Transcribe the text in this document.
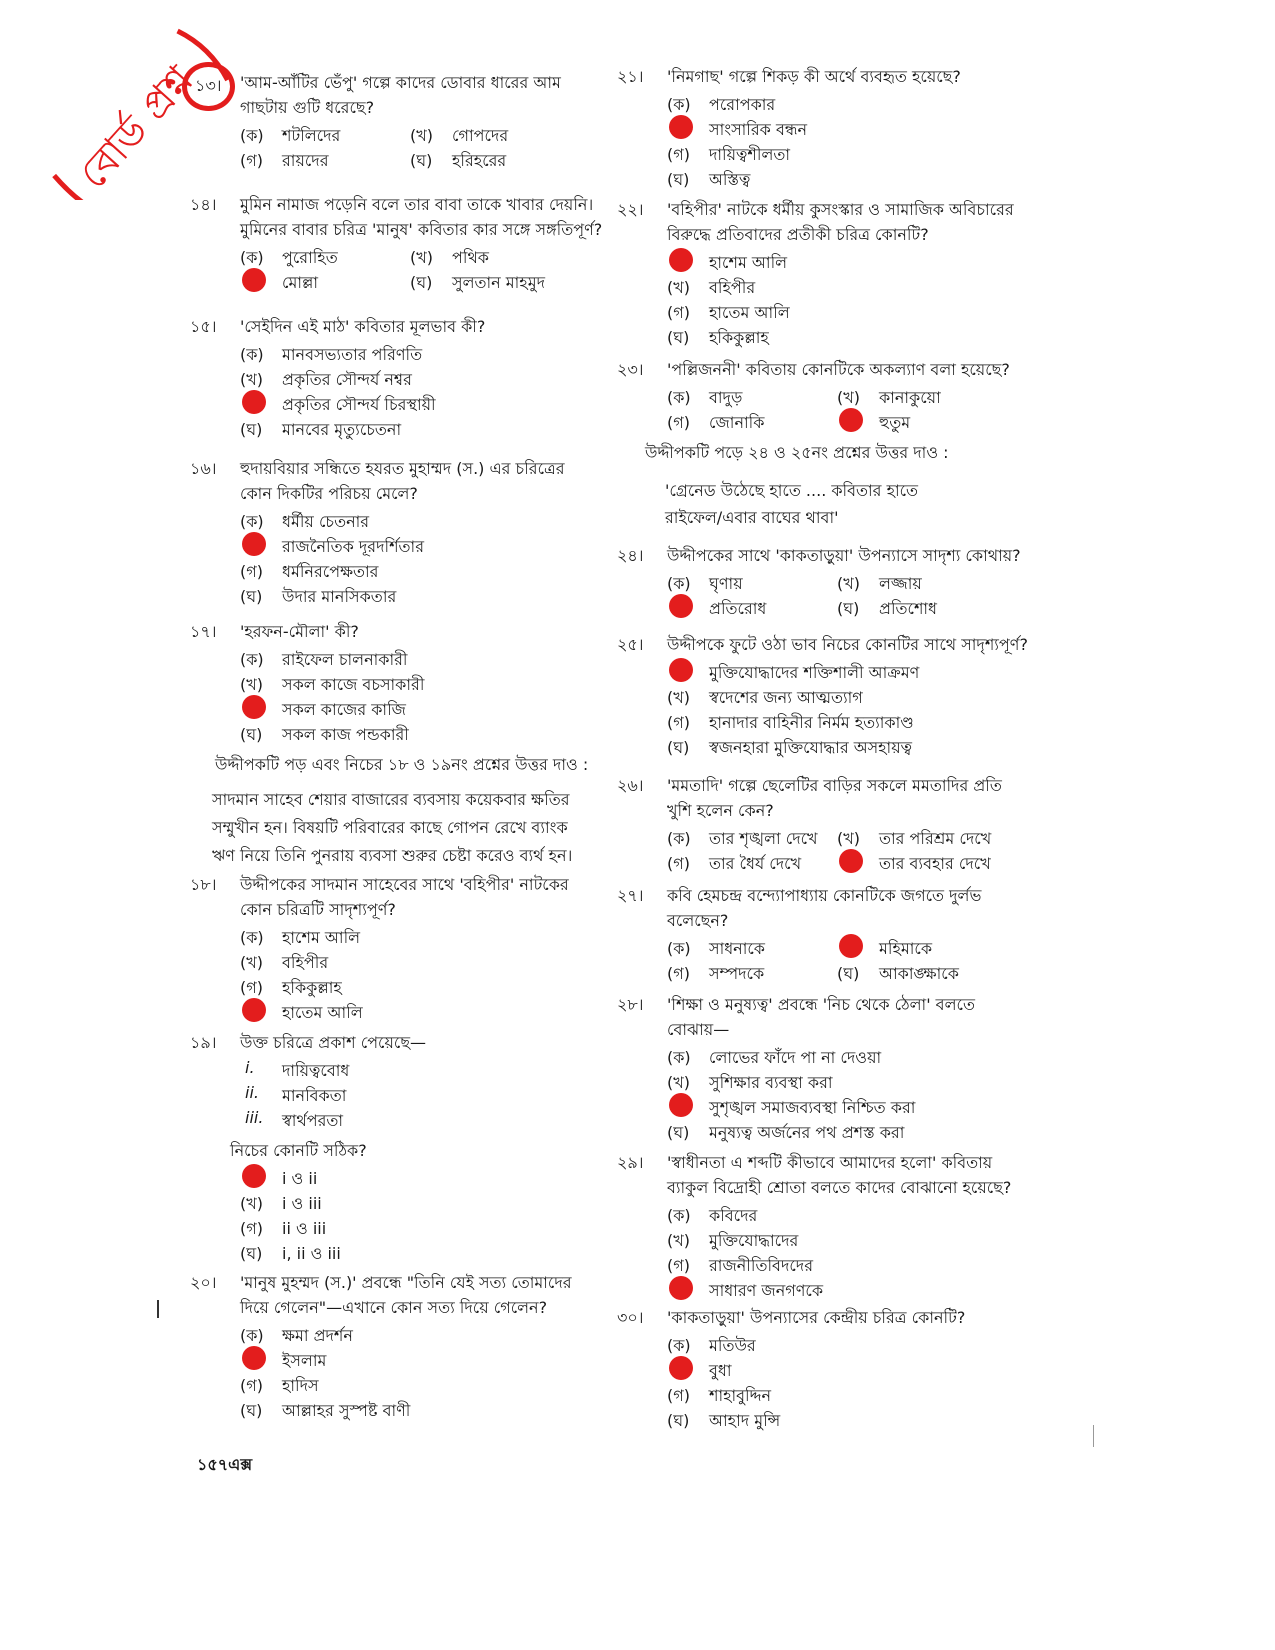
বোর্ড প্রশ্ন
১৩।	'আম-আঁটির ভেঁপু' গল্পে কাদের ডোবার ধারের আম
গাছটায় গুটি ধরেছে?
(ক) শটলিদের	(খ) গোপদের
(গ) রায়দের	(ঘ) হরিহরের
১৪। মুমিন নামাজ পড়েনি বলে তার বাবা তাকে খাবার দেয়নি।
মুমিনের বাবার চরিত্র 'মানুষ' কবিতার কার সঙ্গে সঙ্গতিপূর্ণ?
(ক) পুরোহিত	(খ) পথিক
মোল্লা	(ঘ) সুলতান মাহমুদ
১৫। 'সেইদিন এই মাঠ' কবিতার মূলভাব কী?
(ক) মানবসভ্যতার পরিণতি
(খ) প্রকৃতির সৌন্দর্য নশ্বর
প্রকৃতির সৌন্দর্য চিরস্থায়ী
(ঘ) মানবের মৃত্যুচেতনা
১৬। হুদায়বিয়ার সন্ধিতে হযরত মুহাম্মদ (স.) এর চরিত্রের
কোন দিকটির পরিচয় মেলে?
(ক) ধর্মীয় চেতনার
রাজনৈতিক দূরদর্শিতার
(গ) ধর্মনিরপেক্ষতার
(ঘ) উদার মানসিকতার
১৭। 'হরফন-মৌলা' কী?
(ক) রাইফেল চালনাকারী
(খ) সকল কাজে বচসাকারী
সকল কাজের কাজি
(ঘ) সকল কাজ পন্ডকারী
১৮। উদ্দীপকের সাদমান সাহেবের সাথে 'বহিপীর' নাটকের
কোন চরিত্রটি সাদৃশ্যপূর্ণ?
(ক) হাশেম আলি
(খ) বহিপীর
(গ) হকিকুল্লাহ
হাতেম আলি
১৯। উক্ত চরিত্রে প্রকাশ পেয়েছে—
i. দায়িত্ববোধ
ii. মানবিকতা
iii. স্বার্থপরতা
নিচের কোনটি সঠিক?
i ও ii
(খ) i ও iii
(গ) ii ও iii
(ঘ) i, ii ও iii
২০। 'মানুষ মুহম্মদ (স.)' প্রবন্ধে "তিনি যেই সত্য তোমাদের
দিয়ে গেলেন"—এখানে কোন সত্য দিয়ে গেলেন?
(ক) ক্ষমা প্রদর্শন
ইসলাম
(গ) হাদিস
(ঘ) আল্লাহর সুস্পষ্ট বাণী
২১। 'নিমগাছ' গল্পে শিকড় কী অর্থে ব্যবহৃত হয়েছে?
(ক) পরোপকার
সাংসারিক বন্ধন
(গ) দায়িত্বশীলতা
(ঘ) অস্তিত্ব
২২। 'বহিপীর' নাটকে ধর্মীয় কুসংস্কার ও সামাজিক অবিচারের
বিরুদ্ধে প্রতিবাদের প্রতীকী চরিত্র কোনটি?
হাশেম আলি
(খ) বহিপীর
(গ) হাতেম আলি
(ঘ) হকিকুল্লাহ
২৩। 'পল্লিজননী' কবিতায় কোনটিকে অকল্যাণ বলা হয়েছে?
(ক) বাদুড়	(খ) কানাকুয়ো
(গ) জোনাকি	হুতুম
২৪। উদ্দীপকের সাথে 'কাকতাড়ুয়া' উপন্যাসে সাদৃশ্য কোথায়?
(ক) ঘৃণায়	(খ) লজ্জায়
প্রতিরোধ	(ঘ) প্রতিশোধ
২৫। উদ্দীপকে ফুটে ওঠা ভাব নিচের কোনটির সাথে সাদৃশ্যপূর্ণ?
মুক্তিযোদ্ধাদের শক্তিশালী আক্রমণ
(খ) স্বদেশের জন্য আত্মত্যাগ
(গ) হানাদার বাহিনীর নির্মম হত্যাকাণ্ড
(ঘ) স্বজনহারা মুক্তিযোদ্ধার অসহায়ত্ব
২৬। 'মমতাদি' গল্পে ছেলেটির বাড়ির সকলে মমতাদির প্রতি
খুশি হলেন কেন?
(ক) তার শৃঙ্খলা দেখে (খ) তার পরিশ্রম দেখে
(গ) তার ধৈর্য দেখে	তার ব্যবহার দেখে
২৭। কবি হেমচন্দ্র বন্দ্যোপাধ্যায় কোনটিকে জগতে দুর্লভ
বলেছেন?
(ক) সাধনাকে	মহিমাকে
(গ) সম্পদকে	(ঘ) আকাঙ্ক্ষাকে
২৮। 'শিক্ষা ও মনুষ্যত্ব' প্রবন্ধে 'নিচ থেকে ঠেলা' বলতে
বোঝায়—
(ক) লোভের ফাঁদে পা না দেওয়া
(খ) সুশিক্ষার ব্যবস্থা করা
সুশৃঙ্খল সমাজব্যবস্থা নিশ্চিত করা
(ঘ) মনুষ্যত্ব অর্জনের পথ প্রশস্ত করা
২৯। 'স্বাধীনতা এ শব্দটি কীভাবে আমাদের হলো' কবিতায়
ব্যাকুল বিদ্রোহী শ্রোতা বলতে কাদের বোঝানো হয়েছে?
(ক) কবিদের
(খ) মুক্তিযোদ্ধাদের
(গ) রাজনীতিবিদদের
সাধারণ জনগণকে
৩০। 'কাকতাড়ুয়া' উপন্যাসের কেন্দ্রীয় চরিত্র কোনটি?
(ক) মতিউর
বুধা
(গ) শাহাবুদ্দিন
(ঘ) আহাদ মুন্সি
উদ্দীপকটি পড় এবং নিচের ১৮ ও ১৯নং প্রশ্নের উত্তর দাও :
সাদমান সাহেব শেয়ার বাজারের ব্যবসায় কয়েকবার ক্ষতির
সম্মুখীন হন। বিষয়টি পরিবারের কাছে গোপন রেখে ব্যাংক
ঋণ নিয়ে তিনি পুনরায় ব্যবসা শুরুর চেষ্টা করেও ব্যর্থ হন।
উদ্দীপকটি পড়ে ২৪ ও ২৫নং প্রশ্নের উত্তর দাও :
'গ্রেনেড উঠেছে হাতে .... কবিতার হাতে
রাইফেল/এবার বাঘের থাবা'
১৫৭এক্স
